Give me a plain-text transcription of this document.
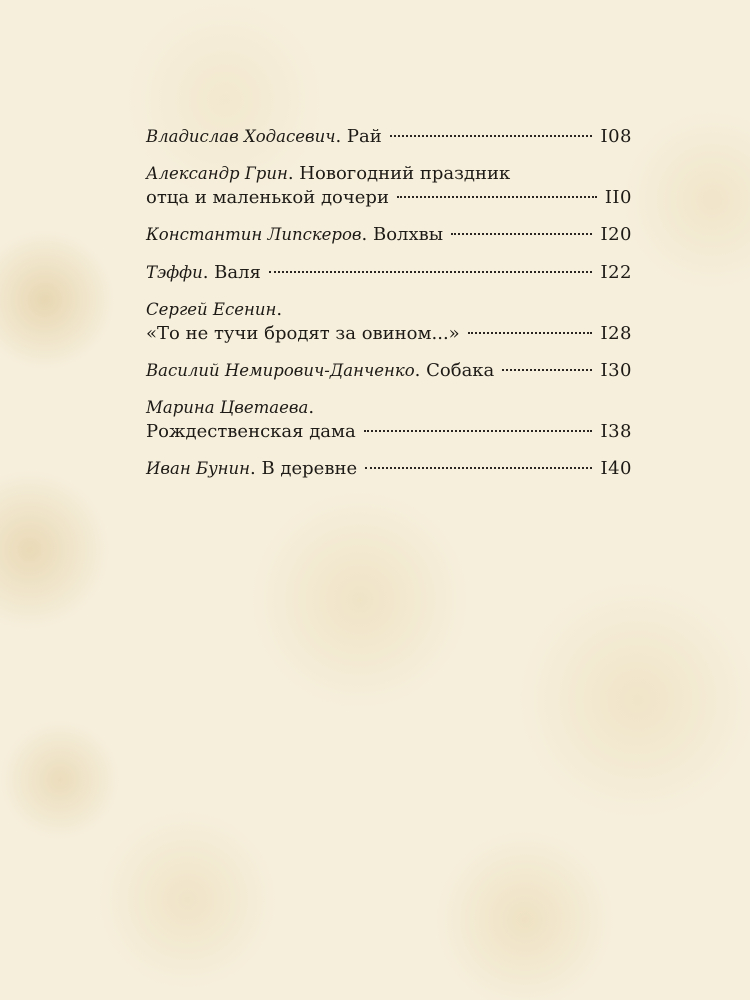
Владислав Ходасевич . Рай	I08
Александр Грин . Новогодний праздник
отца и маленькой дочери	II0
Константин Липскеров . Волхвы	I20
Тэффи . Валя	I22
Сергей Есенин .
«То не тучи бродят за овином...»	I28
Василий Немирович-Данченко . Собака	I30
Марина Цветаева .
Рождественская дама	I38
Иван Бунин . В деревне	I40
